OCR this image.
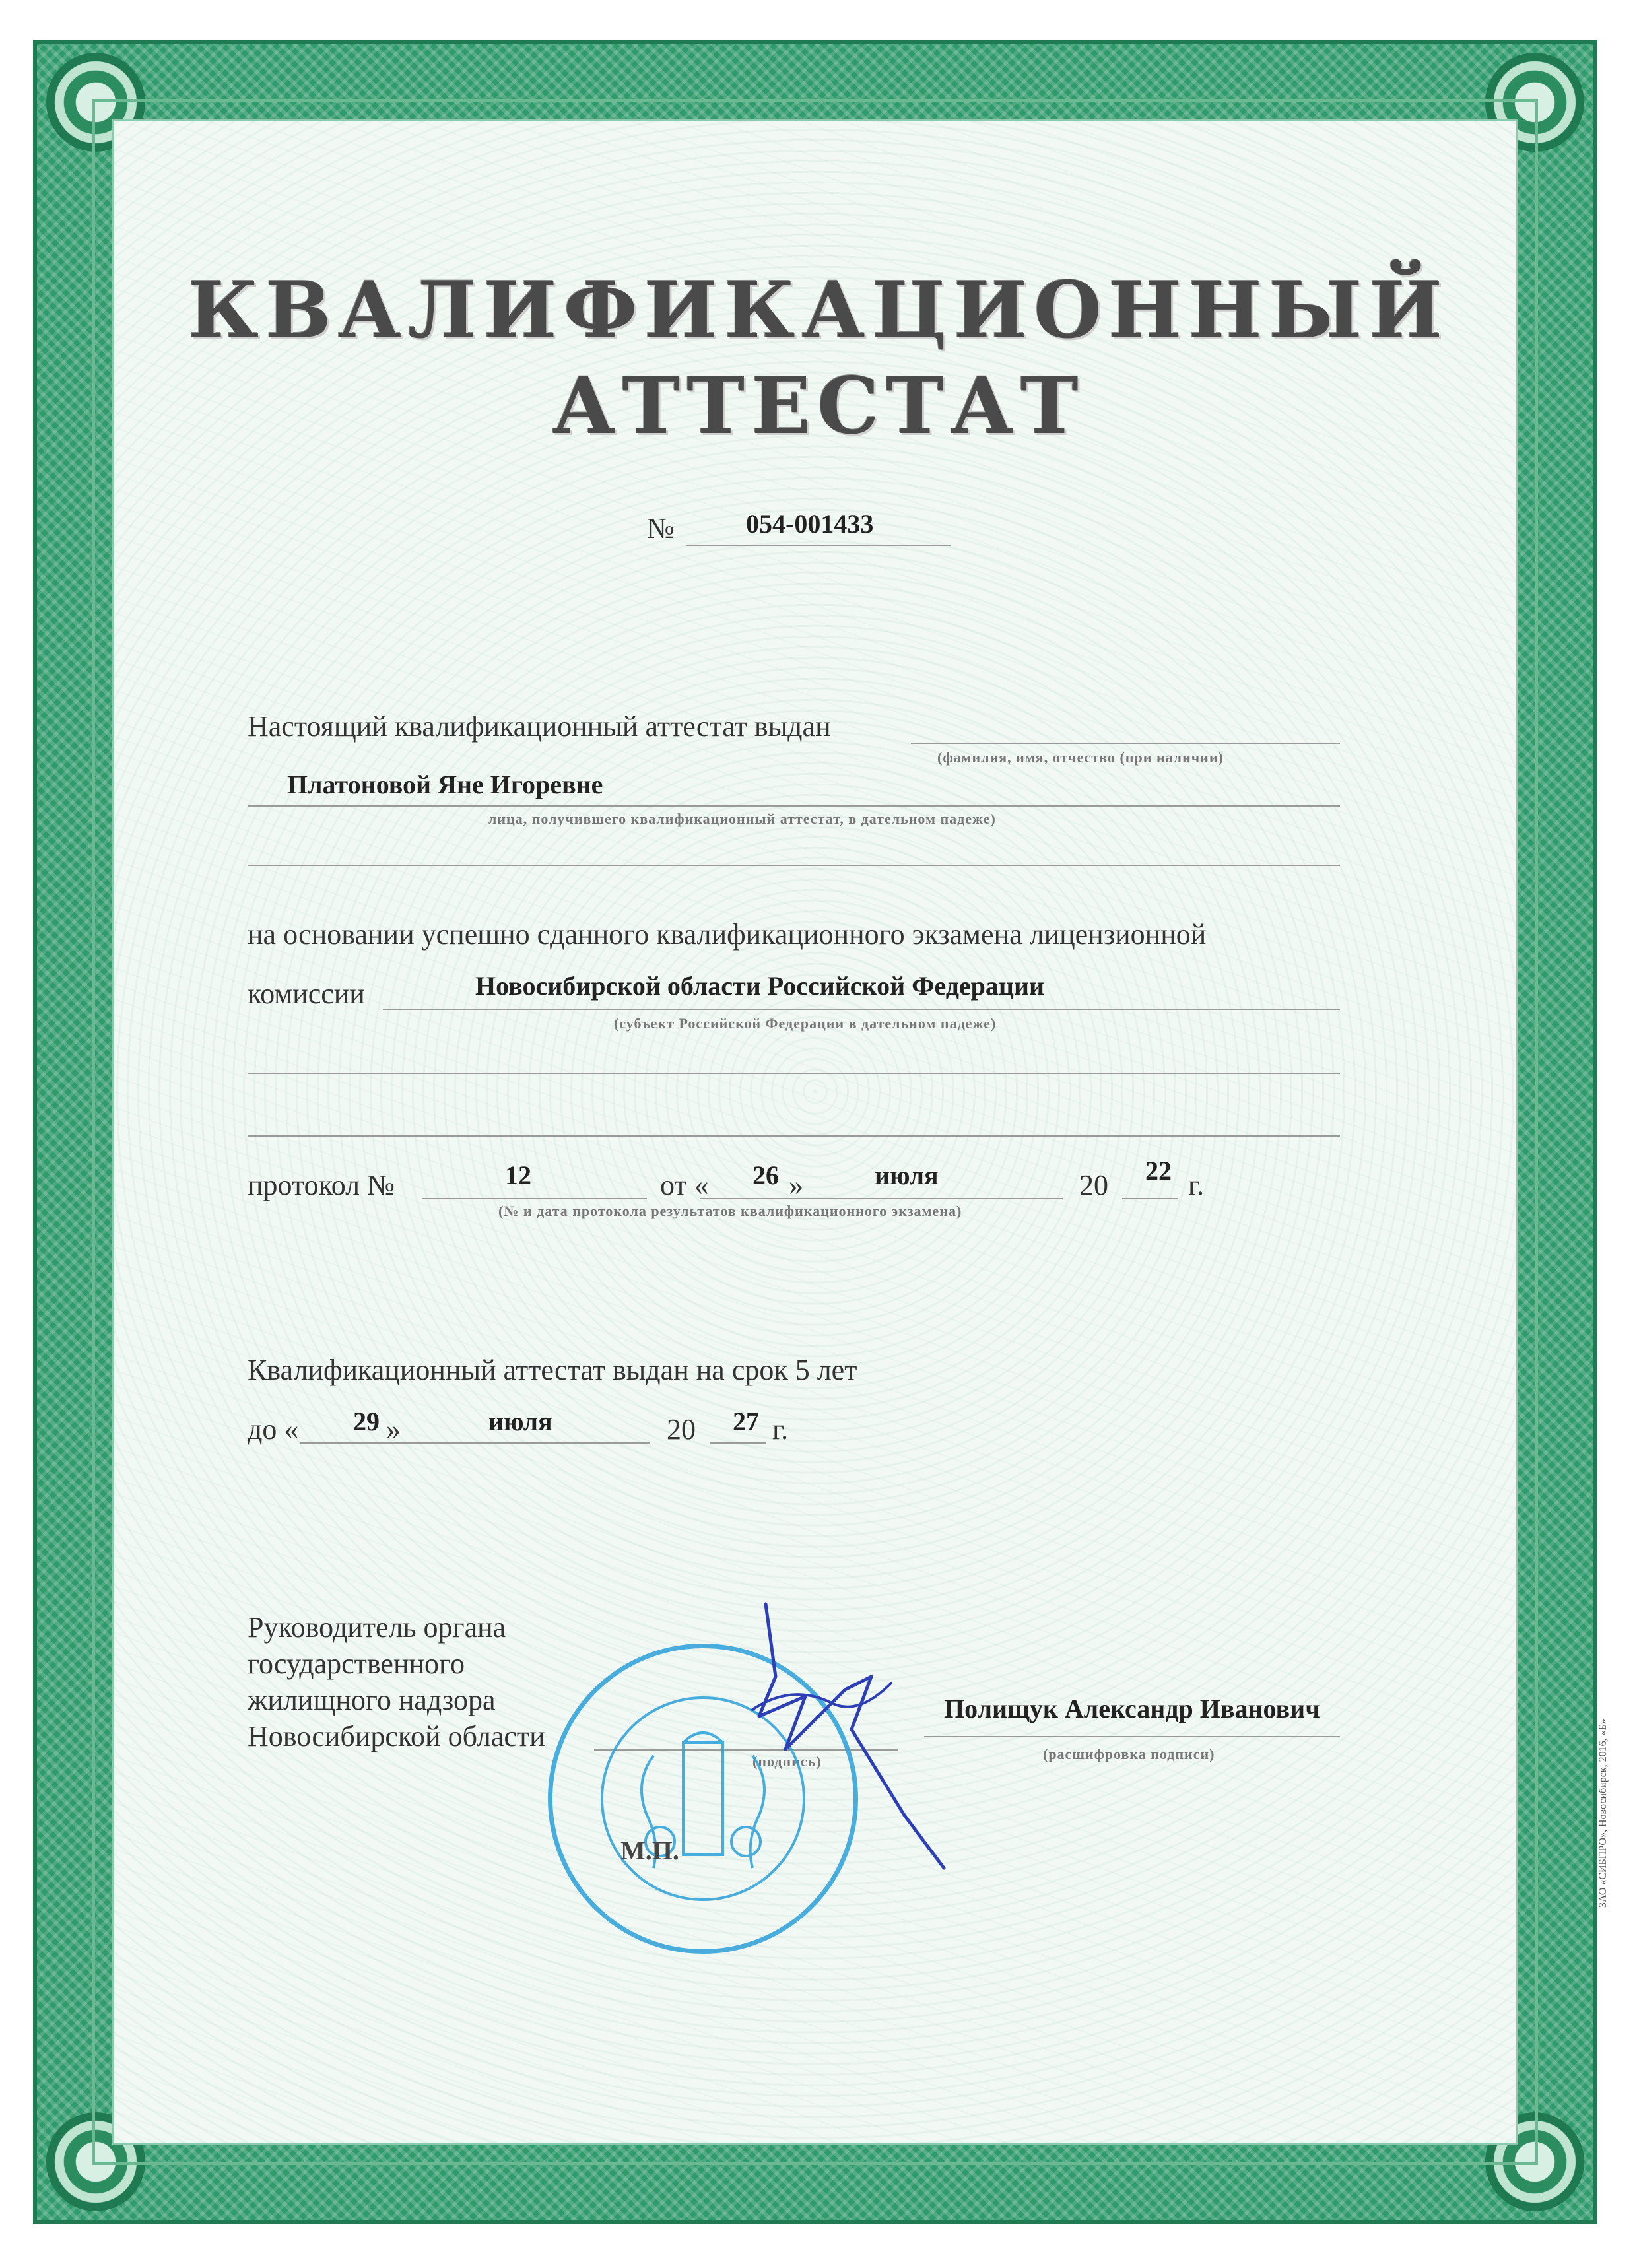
КВАЛИФИКАЦИОННЫЙ
АТТЕСТАТ
№	054-001433
Настоящий квалификационный аттестат выдан
(фамилия, имя, отчество (при наличии)
Платоновой Яне Игоревне
лица, получившего квалификационный аттестат, в дательном падеже)
на основании успешно сданного квалификационного экзамена лицензионной
комиссии	Новосибирской области Российской Федерации
(субъект Российской Федерации в дательном падеже)
протокол №	12	от « 26 »	июля	20 22 г.
(№ и дата протокола результатов квалификационного экзамена)
Квалификационный аттестат выдан на срок 5 лет
до « 29 »	июля	20 27 г.
Руководитель органа
государственного
жилищного надзора
Новосибирской области
(подпись)
Полищук Александр Иванович
(расшифровка подписи)
М.П.	ЗАО «СИБПРО», Новосибирск, 2016, «Б»
